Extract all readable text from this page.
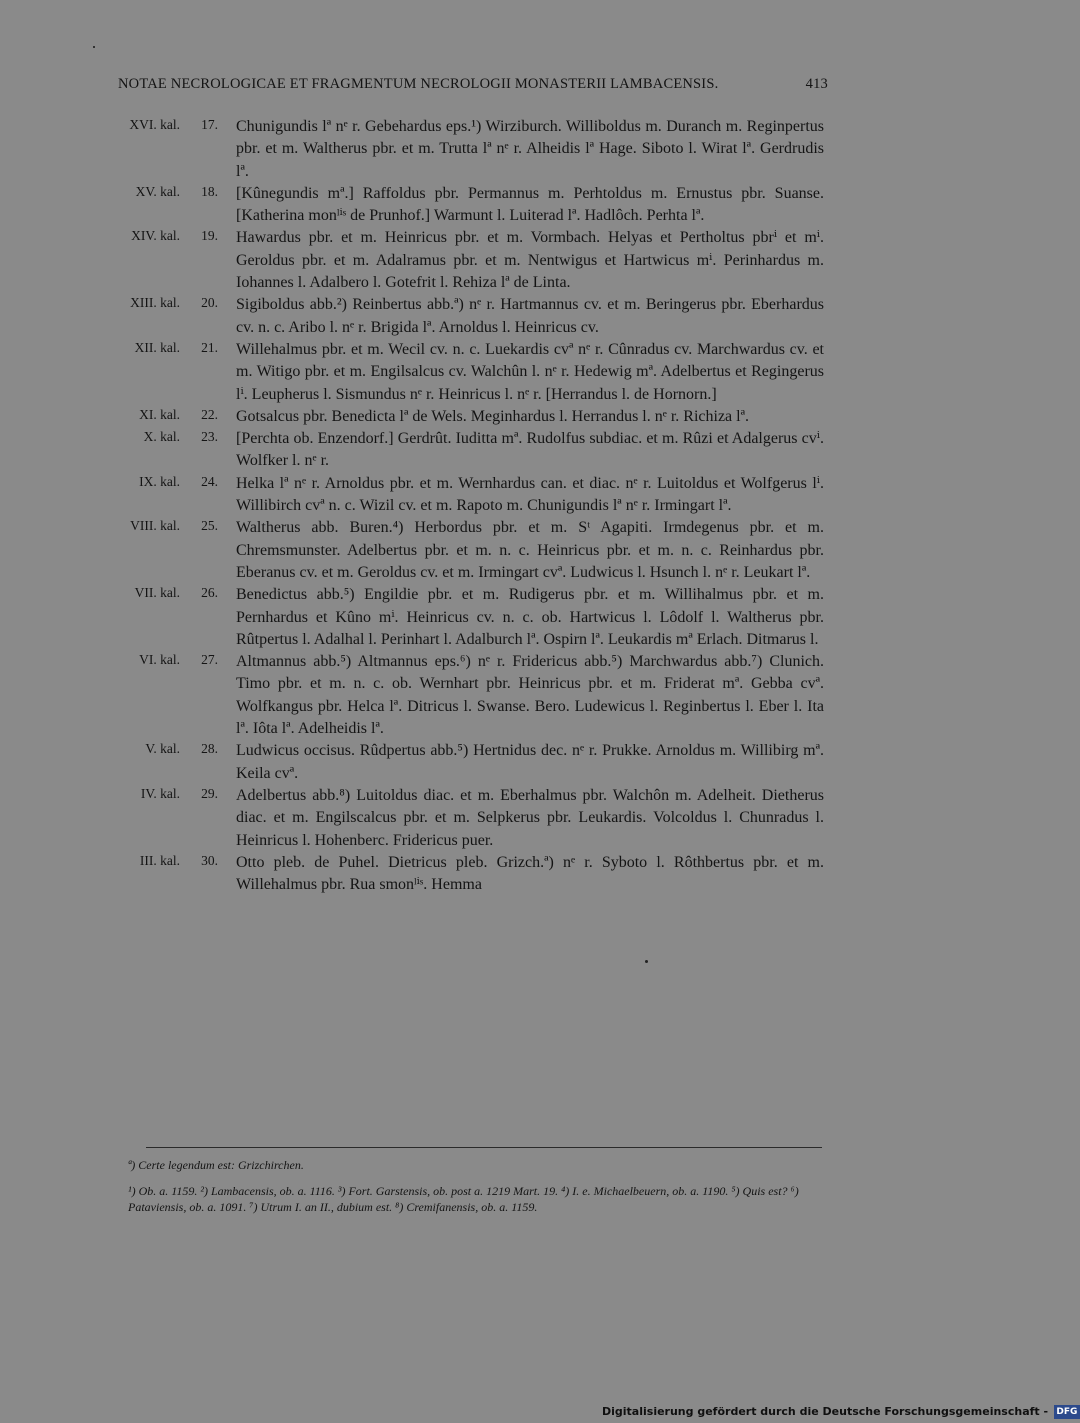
NOTAE NECROLOGICAE ET FRAGMENTUM NECROLOGII MONASTERII LAMBACENSIS.	413
XVI. kal.	17. Chunigundis lª nᵉ r. Gebehardus eps.¹) Wirziburch. Williboldus m. Duranch m. Reginpertus pbr. et m. Waltherus pbr. et m. Trutta lª nᵉ r. Alheidis lª Hage. Siboto l. Wirat lª. Gerdrudis lª.
XV. kal.	18. [Kûnegundis mª.] Raffoldus pbr. Permannus m. Perhtoldus m. Ernustus pbr. Suanse. [Katherina monˡⁱˢ de Prunhof.] Warmunt l. Luiterad lª. Hadlôch. Perhta lª.
XIV. kal.	19. Hawardus pbr. et m. Heinricus pbr. et m. Vormbach. Helyas et Pertholtus pbrⁱ et mⁱ. Geroldus pbr. et m. Adalramus pbr. et m. Nentwigus et Hartwicus mⁱ. Perinhardus m. Iohannes l. Adalbero l. Gotefrit l. Rehiza lª de Linta.
XIII. kal.	20. Sigiboldus abb.²) Reinbertus abb.ª) nᵉ r. Hartmannus cv. et m. Beringerus pbr. Eberhardus cv. n. c. Aribo l. nᵉ r. Brigida lª. Arnoldus l. Heinricus cv.
XII. kal.	21. Willehalmus pbr. et m. Wecil cv. n. c. Luekardis cvª nᵉ r. Cûnradus cv. Marchwardus cv. et m. Witigo pbr. et m. Engilsalcus cv. Walchûn l. nᵉ r. Hedewig mª. Adelbertus et Regingerus lⁱ. Leupherus l. Sismundus nᵉ r. Heinricus l. nᵉ r. [Herrandus l. de Hornorn.]
XI. kal.	22. Gotsalcus pbr. Benedicta lª de Wels. Meginhardus l. Herrandus l. nᵉ r. Richiza lª.
X. kal.	23. [Perchta ob. Enzendorf.] Gerdrût. Iuditta mª. Rudolfus subdiac. et m. Rûzi et Adalgerus cvⁱ. Wolfker l. nᵉ r.
IX. kal.	24. Helka lª nᵉ r. Arnoldus pbr. et m. Wernhardus can. et diac. nᵉ r. Luitoldus et Wolfgerus lⁱ. Willibirch cvª n. c. Wizil cv. et m. Rapoto m. Chunigundis lª nᵉ r. Irmingart lª.
VIII. kal.	25. Waltherus abb. Buren.⁴) Herbordus pbr. et m. Sᵗ Agapiti. Irmdegenus pbr. et m. Chremsmunster. Adelbertus pbr. et m. n. c. Heinricus pbr. et m. n. c. Reinhardus pbr. Eberanus cv. et m. Geroldus cv. et m. Irmingart cvª. Ludwicus l. Hsunch l. nᵉ r. Leukart lª.
VII. kal.	26. Benedictus abb.⁵) Engildie pbr. et m. Rudigerus pbr. et m. Willihalmus pbr. et m. Pernhardus et Kûno mⁱ. Heinricus cv. n. c. ob. Hartwicus l. Lôdolf l. Waltherus pbr. Rûtpertus l. Adalhal l. Perinhart l. Adalburch lª. Ospirn lª. Leukardis mª Erlach. Ditmarus l.
VI. kal.	27. Altmannus abb.⁵) Altmannus eps.⁶) nᵉ r. Fridericus abb.⁵) Marchwardus abb.⁷) Clunich. Timo pbr. et m. n. c. ob. Wernhart pbr. Heinricus pbr. et m. Friderat mª. Gebba cvª. Wolfkangus pbr. Helca lª. Ditricus l. Swanse. Bero. Ludewicus l. Reginbertus l. Eber l. Ita lª. Iôta lª. Adelheidis lª.
V. kal.	28. Ludwicus occisus. Rûdpertus abb.⁵) Hertnidus dec. nᵉ r. Prukke. Arnoldus m. Willibirg mª. Keila cvª.
IV. kal.	29. Adelbertus abb.⁸) Luitoldus diac. et m. Eberhalmus pbr. Walchôn m. Adelheit. Dietherus diac. et m. Engilscalcus pbr. et m. Selpkerus pbr. Leukardis. Volcoldus l. Chunradus l. Heinricus l. Hohenberc. Fridericus puer.
III. kal.	30. Otto pleb. de Puhel. Dietricus pleb. Grizch.ª) nᵉ r. Syboto l. Rôthbertus pbr. et m. Willehalmus pbr. Rua smonˡⁱˢ. Hemma
ª) Certe legendum est: Grizchirchen.
¹) Ob. a. 1159. ²) Lambacensis, ob. a. 1116. ³) Fort. Garstensis, ob. post a. 1219 Mart. 19. ⁴) I. e. Michaelbeuern, ob. a. 1190. ⁵) Quis est? ⁶) Pataviensis, ob. a. 1091. ⁷) Utrum I. an II., dubium est. ⁸) Cremifanensis, ob. a. 1159.
Digitalisierung gefördert durch die Deutsche Forschungsgemeinschaft - DFG
